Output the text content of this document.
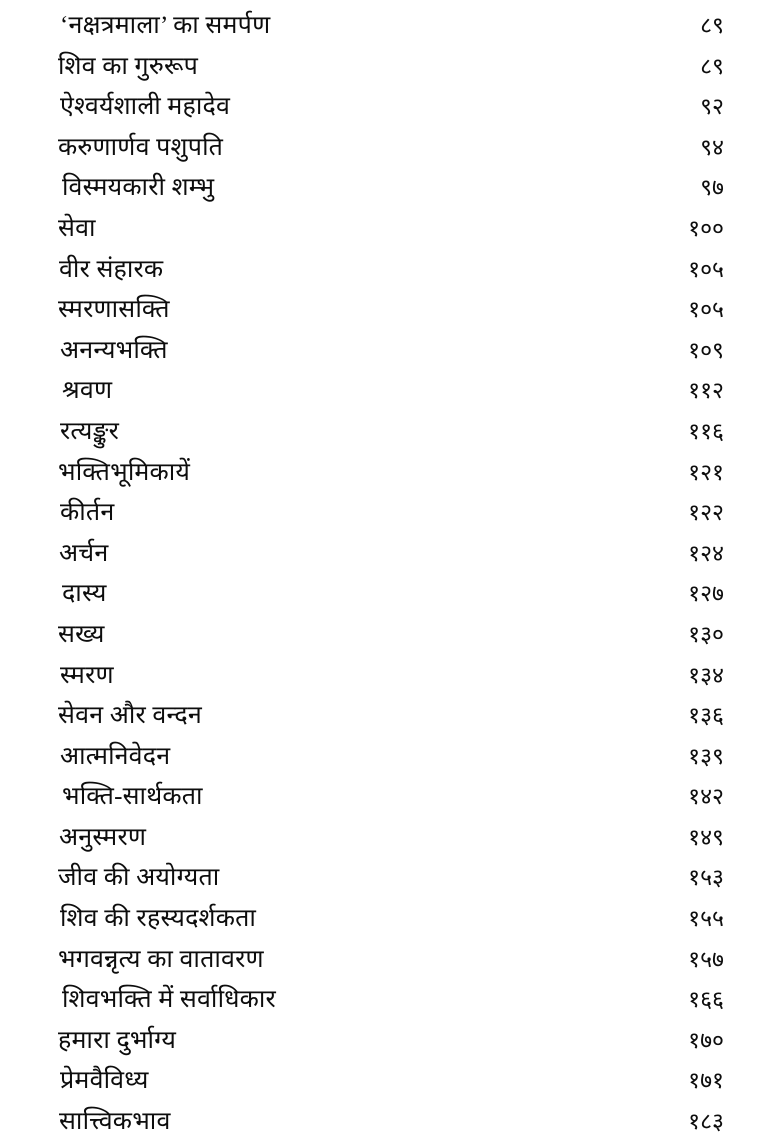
‘नक्षत्रमाला’ का समर्पण	८९
शिव का गुरुरूप	८९
ऐश्वर्यशाली महादेव	९२
करुणार्णव पशुपति	९४
विस्मयकारी शम्भु	९७
सेवा	१००
वीर संहारक	१०५
स्मरणासक्ति	१०५
अनन्यभक्ति	१०९
श्रवण	११२
रत्यङ्कुर	११६
भक्तिभूमिकायें	१२१
कीर्तन	१२२
अर्चन	१२४
दास्य	१२७
सख्य	१३०
स्मरण	१३४
सेवन और वन्दन	१३६
आत्मनिवेदन	१३९
भक्ति-सार्थकता	१४२
अनुस्मरण	१४९
जीव की अयोग्यता	१५३
शिव की रहस्यदर्शकता	१५५
भगवन्नृत्य का वातावरण	१५७
शिवभक्ति में सर्वाधिकार	१६६
हमारा दुर्भाग्य	१७०
प्रेमवैविध्य	१७१
सात्त्विकभाव	१८३
